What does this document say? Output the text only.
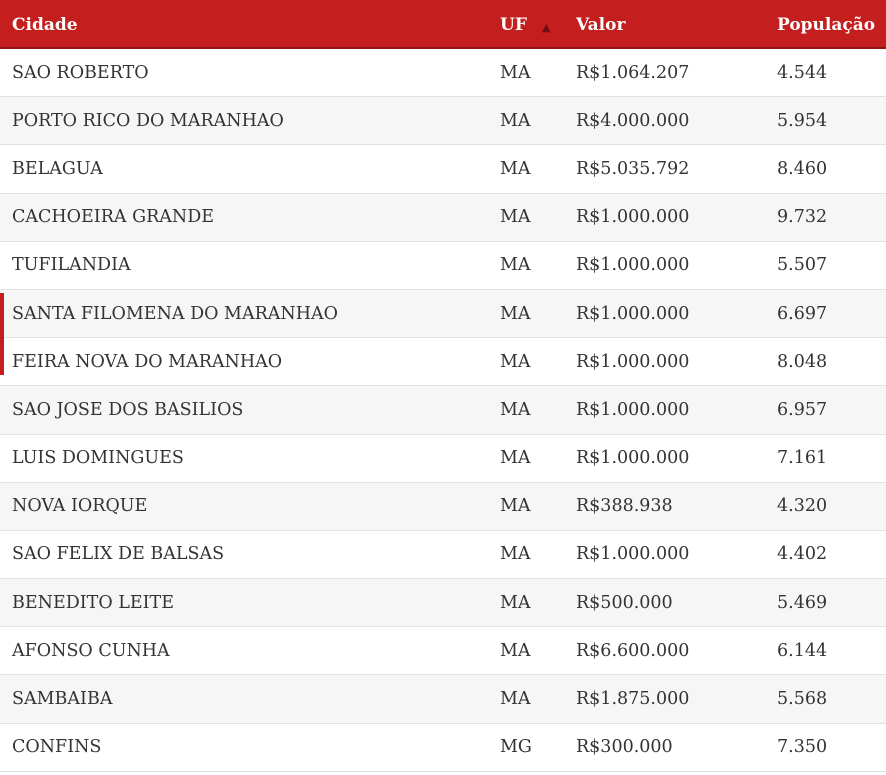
Cidade	UF ▲ Valor	População
SAO ROBERTO	MA	R$1.064.207	4.544
PORTO RICO DO MARANHAO	MA	R$4.000.000	5.954
BELAGUA	MA	R$5.035.792	8.460
CACHOEIRA GRANDE	MA	R$1.000.000	9.732
TUFILANDIA	MA	R$1.000.000	5.507
SANTA FILOMENA DO MARANHAO	MA	R$1.000.000	6.697
FEIRA NOVA DO MARANHAO	MA	R$1.000.000	8.048
SAO JOSE DOS BASILIOS	MA	R$1.000.000	6.957
LUIS DOMINGUES	MA	R$1.000.000	7.161
NOVA IORQUE	MA	R$388.938	4.320
SAO FELIX DE BALSAS	MA	R$1.000.000	4.402
BENEDITO LEITE	MA	R$500.000	5.469
AFONSO CUNHA	MA	R$6.600.000	6.144
SAMBAIBA	MA	R$1.875.000	5.568
CONFINS	MG	R$300.000	7.350
